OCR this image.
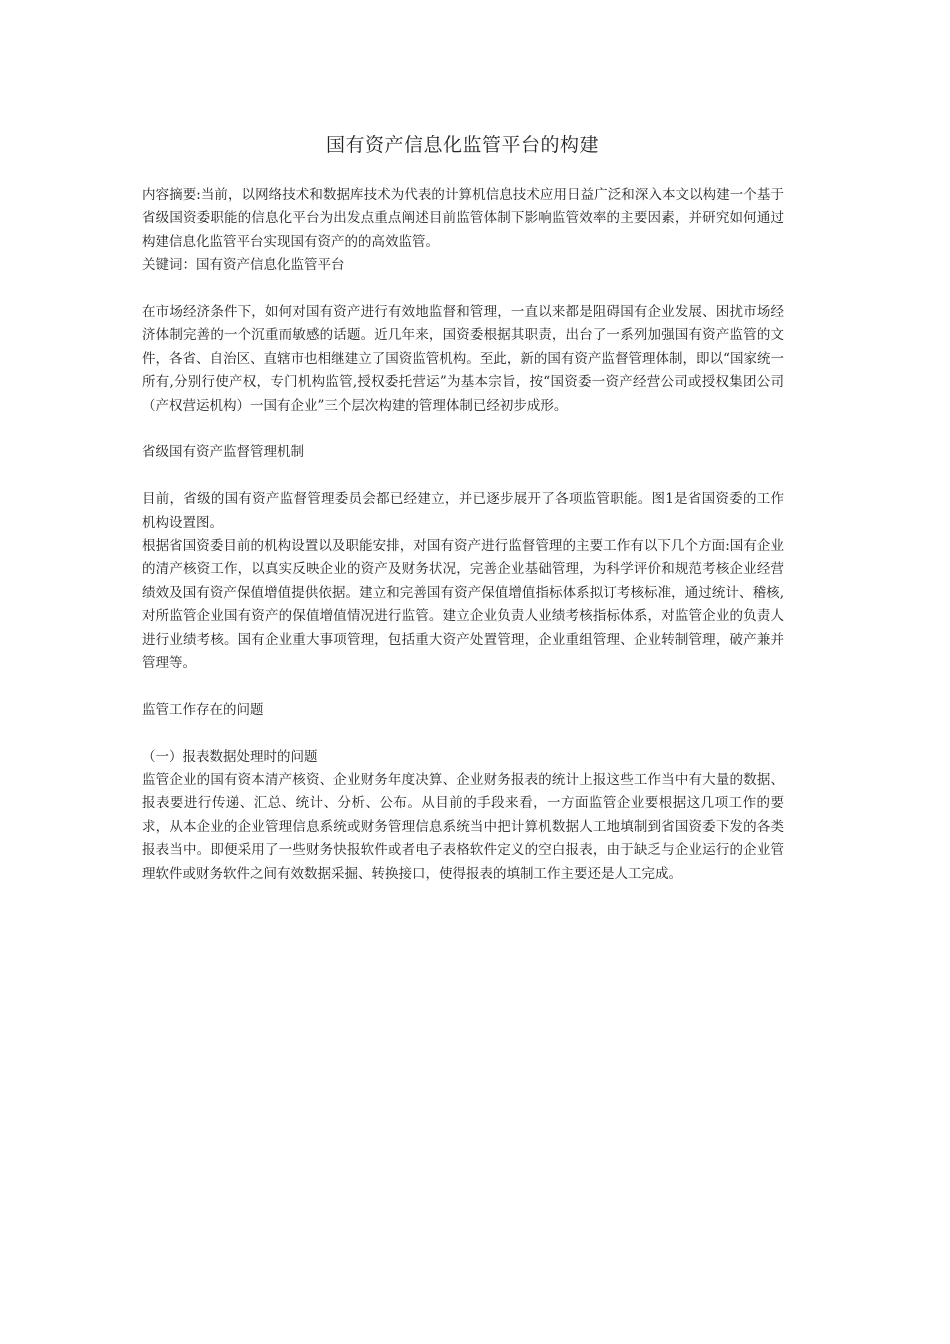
国有资产信息化监管平台的构建

内容摘要:当前，以网络技术和数据库技术为代表的计算机信息技术应用日益广泛和深入本文以构建一个基于省级国资委职能的信息化平台为出发点重点阐述目前监管体制下影响监管效率的主要因素，并研究如何通过构建信息化监管平台实现国有资产的的高效监管。

关键词：国有资产信息化监管平台

在市场经济条件下，如何对国有资产进行有效地监督和管理，一直以来都是阻碍国有企业发展、困扰市场经济体制完善的一个沉重而敏感的话题。近几年来，国资委根据其职责，出台了一系列加强国有资产监管的文件，各省、自治区、直辖市也相继建立了国资监管机构。至此，新的国有资产监督管理体制，即以“国家统一所有,分别行使产权，专门机构监管,授权委托营运”为基本宗旨，按“国资委一资产经营公司或授权集团公司（产权营运机构）一国有企业”三个层次构建的管理体制已经初步成形。

省级国有资产监督管理机制

目前，省级的国有资产监督管理委员会都已经建立，并已逐步展开了各项监管职能。图1是省国资委的工作机构设置图。

根据省国资委目前的机构设置以及职能安排，对国有资产进行监督管理的主要工作有以下几个方面:国有企业的清产核资工作，以真实反映企业的资产及财务状况，完善企业基础管理，为科学评价和规范考核企业经营绩效及国有资产保值增值提供依据。建立和完善国有资产保值增值指标体系拟订考核标准，通过统计、稽核,对所监管企业国有资产的保值增值情况进行监管。建立企业负责人业绩考核指标体系，对监管企业的负责人进行业绩考核。国有企业重大事项管理，包括重大资产处置管理，企业重组管理、企业转制管理，破产兼并管理等。

监管工作存在的问题

（一）报表数据处理时的问题

监管企业的国有资本清产核资、企业财务年度决算、企业财务报表的统计上报这些工作当中有大量的数据、报表要进行传递、汇总、统计、分析、公布。从目前的手段来看，一方面监管企业要根据这几项工作的要求，从本企业的企业管理信息系统或财务管理信息系统当中把计算机数据人工地填制到省国资委下发的各类报表当中。即便采用了一些财务快报软件或者电子表格软件定义的空白报表，由于缺乏与企业运行的企业管理软件或财务软件之间有效数据采掘、转换接口，使得报表的填制工作主要还是人工完成。
